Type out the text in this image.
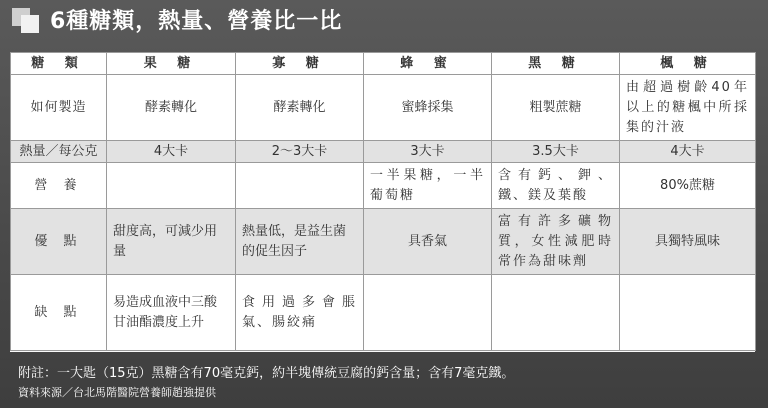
6種糖類，熱量、營養比一比
糖 類	果 糖	寡 糖	蜂 蜜	黑 糖	楓 糖
如何製造	酵素轉化	酵素轉化	蜜蜂採集	粗製蔗糖	由超過樹齡40年以上的糖楓中所採集的汁液
熱量／每公克	4大卡	2～3大卡	3大卡	3.5大卡	4大卡
營 養			一半果糖，一半葡萄糖	含有鈣、鉀、鐵、鎂及葉酸	80%蔗糖
優 點	甜度高，可減少用量	熱量低，是益生菌的促生因子	具香氣	富有許多礦物質，女性減肥時常作為甜味劑	具獨特風味
缺 點	易造成血液中三酸甘油酯濃度上升	食用過多會脹氣、腸絞痛			
附註：一大匙（15克）黑糖含有70毫克鈣，約半塊傳統豆腐的鈣含量；含有7毫克鐵。
資料來源／台北馬階醫院營養師趙強提供
